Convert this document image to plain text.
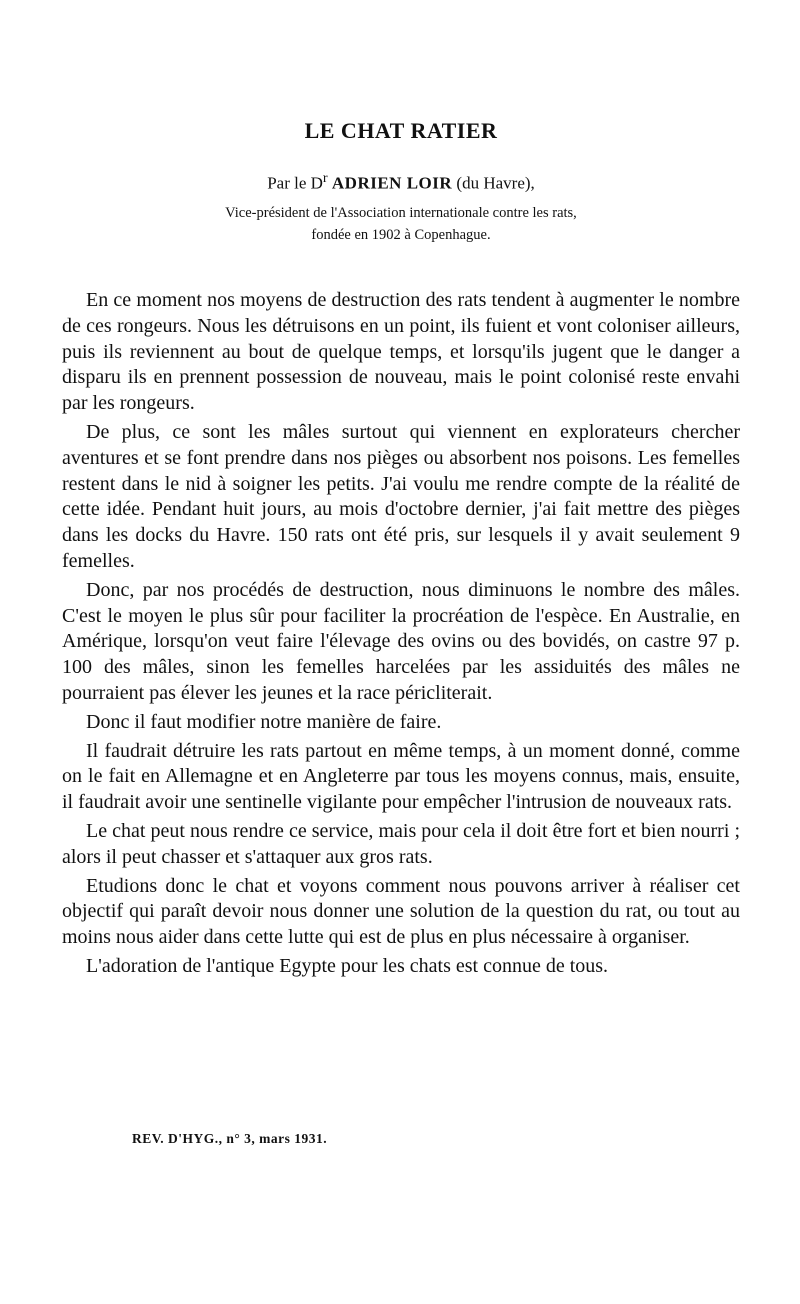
LE CHAT RATIER

Par le $D^r$ ADRIEN LOIR (du Havre),

Vice-président de l'Association internationale contre les rats,

fondée en 1902 à Copenhague.

En ce moment nos moyens de destruction des rats tendent à augmenter le nombre de ces rongeurs. Nous les détruisons en un point, ils fuient et vont coloniser ailleurs, puis ils reviennent au bout de quelque temps, et lorsqu'ils jugent que le danger a disparu ils en prennent possession de nouveau, mais le point colonisé reste envahi par les rongeurs.

De plus, ce sont les mâles surtout qui viennent en explorateurs chercher aventures et se font prendre dans nos pièges ou absorbent nos poisons. Les femelles restent dans le nid à soigner les petits. J'ai voulu me rendre compte de la réalité de cette idée. Pendant huit jours, au mois d'octobre dernier, j'ai fait mettre des pièges dans les docks du Havre. 150 rats ont été pris, sur lesquels il y avait seulement 9 femelles.

Donc, par nos procédés de destruction, nous diminuons le nombre des mâles. C'est le moyen le plus sûr pour faciliter la procréation de l'espèce. En Australie, en Amérique, lorsqu'on veut faire l'élevage des ovins ou des bovidés, on castre 97 p. 100 des mâles, sinon les femelles harcelées par les assiduités des mâles ne pourraient pas élever les jeunes et la race péricliterait.

Donc il faut modifier notre manière de faire.

Il faudrait détruire les rats partout en même temps, à un moment donné, comme on le fait en Allemagne et en Angleterre par tous les moyens connus, mais, ensuite, il faudrait avoir une sentinelle vigilante pour empêcher l'intrusion de nouveaux rats.

Le chat peut nous rendre ce service, mais pour cela il doit être fort et bien nourri ; alors il peut chasser et s'attaquer aux gros rats.

Etudions donc le chat et voyons comment nous pouvons arriver à réaliser cet objectif qui paraît devoir nous donner une solution de la question du rat, ou tout au moins nous aider dans cette lutte qui est de plus en plus nécessaire à organiser.

L'adoration de l'antique Egypte pour les chats est connue de tous.

REV. D'HYG., n° 3, mars 1931.
